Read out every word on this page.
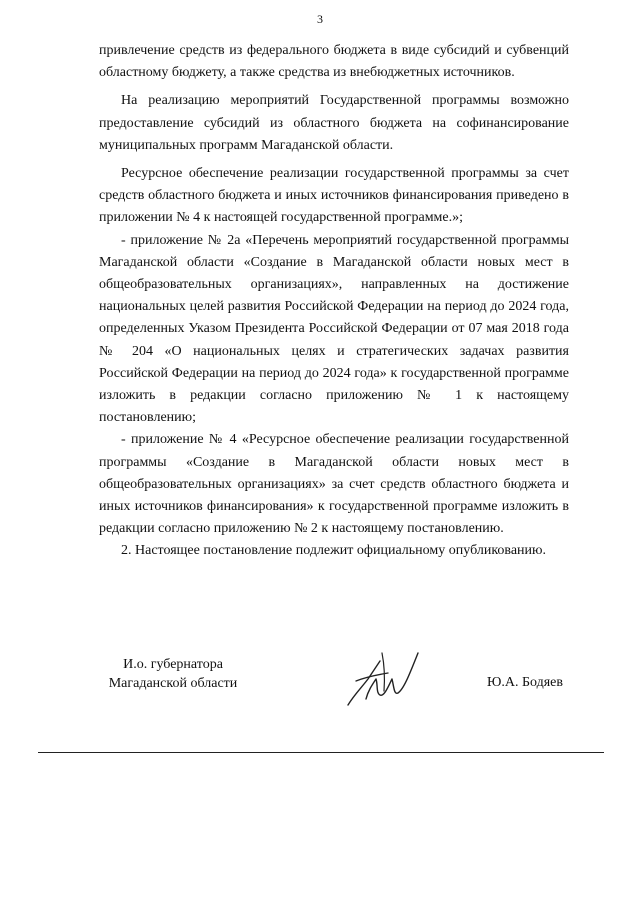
3

привлечение средств из федерального бюджета в виде субсидий и субвенций областному бюджету, а также средства из внебюджетных источников.

На реализацию мероприятий Государственной программы возможно предоставление субсидий из областного бюджета на софинансирование муниципальных программ Магаданской области.

Ресурсное обеспечение реализации государственной программы за счет средств областного бюджета и иных источников финансирования приведено в приложении № 4 к настоящей государственной программе.»;

- приложение № 2а «Перечень мероприятий государственной программы Магаданской области «Создание в Магаданской области новых мест в общеобразовательных организациях», направленных на достижение национальных целей развития Российской Федерации на период до 2024 года, определенных Указом Президента Российской Федерации от 07 мая 2018 года № 204 «О национальных целях и стратегических задачах развития Российской Федерации на период до 2024 года» к государственной программе изложить в редакции согласно приложению № 1 к настоящему постановлению;

- приложение № 4 «Ресурсное обеспечение реализации государственной программы «Создание в Магаданской области новых мест в общеобразовательных организациях» за счет средств областного бюджета и иных источников финансирования» к государственной программе изложить в редакции согласно приложению № 2 к настоящему постановлению.

2. Настоящее постановление подлежит официальному опубликованию.

И.о. губернатора
Магаданской области	Ю.А. Бодяев
